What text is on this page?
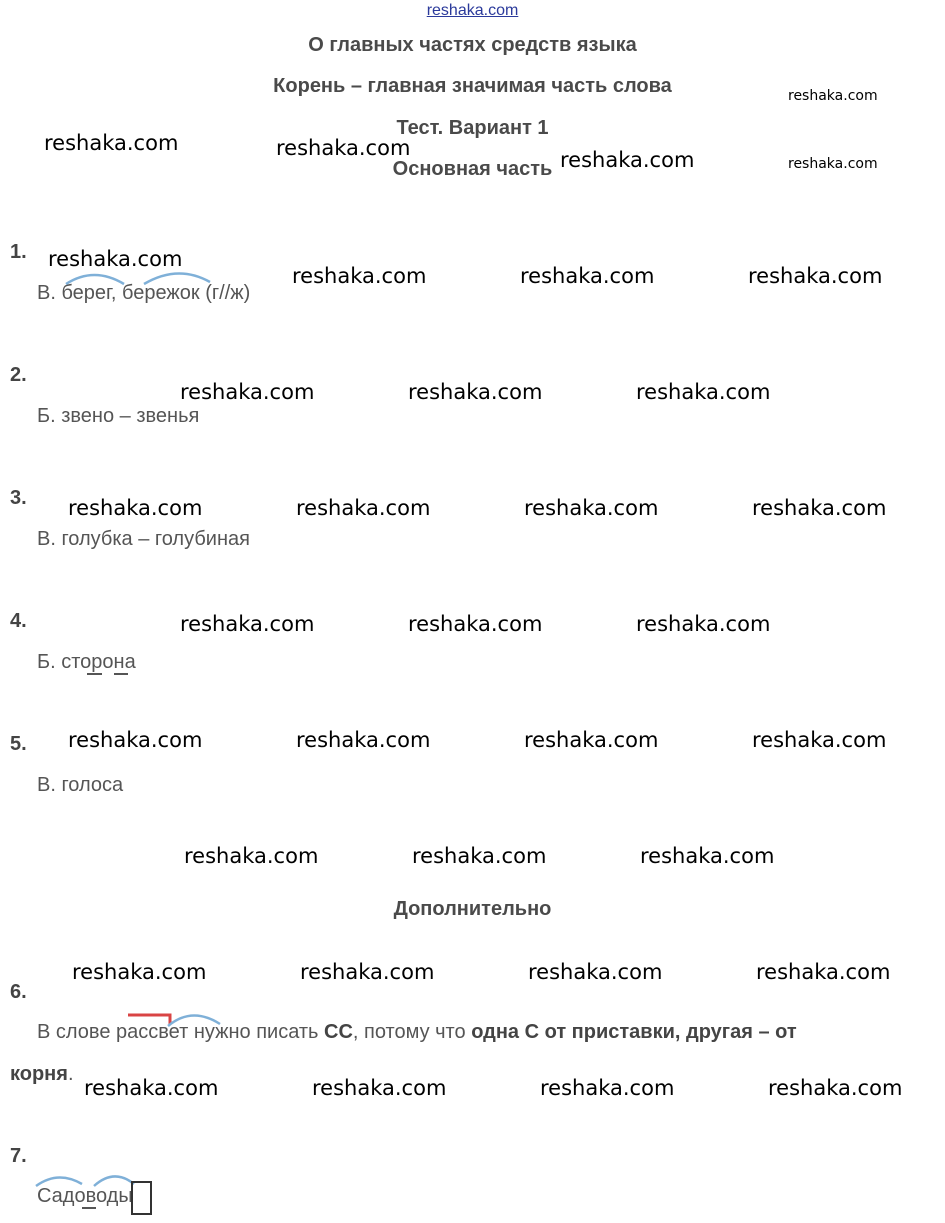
reshaka.com
О главных частях средств языка
Корень – главная значимая часть слова
Тест. Вариант 1
Основная часть
Дополнительно
reshaka.com
reshaka.com
reshaka.com	reshaka.com	reshaka.com
reshaka.com
reshaka.com	reshaka.com	reshaka.com
reshaka.com	reshaka.com	reshaka.com
reshaka.com	reshaka.com	reshaka.com	reshaka.com
reshaka.com	reshaka.com	reshaka.com
reshaka.com	reshaka.com	reshaka.com	reshaka.com
reshaka.com	reshaka.com	reshaka.com
reshaka.com	reshaka.com	reshaka.com	reshaka.com
reshaka.com	reshaka.com	reshaka.com	reshaka.com
1.
В. берег, бережок (г//ж)
2.
Б. звено – звенья
3.
В. голубка – голубиная
4.
Б. сторона
5.
В. голоса
6.
В слове рассвет нужно писать СС, потому что одна С от приставки, другая – от
корня.
7.
Садоводы
